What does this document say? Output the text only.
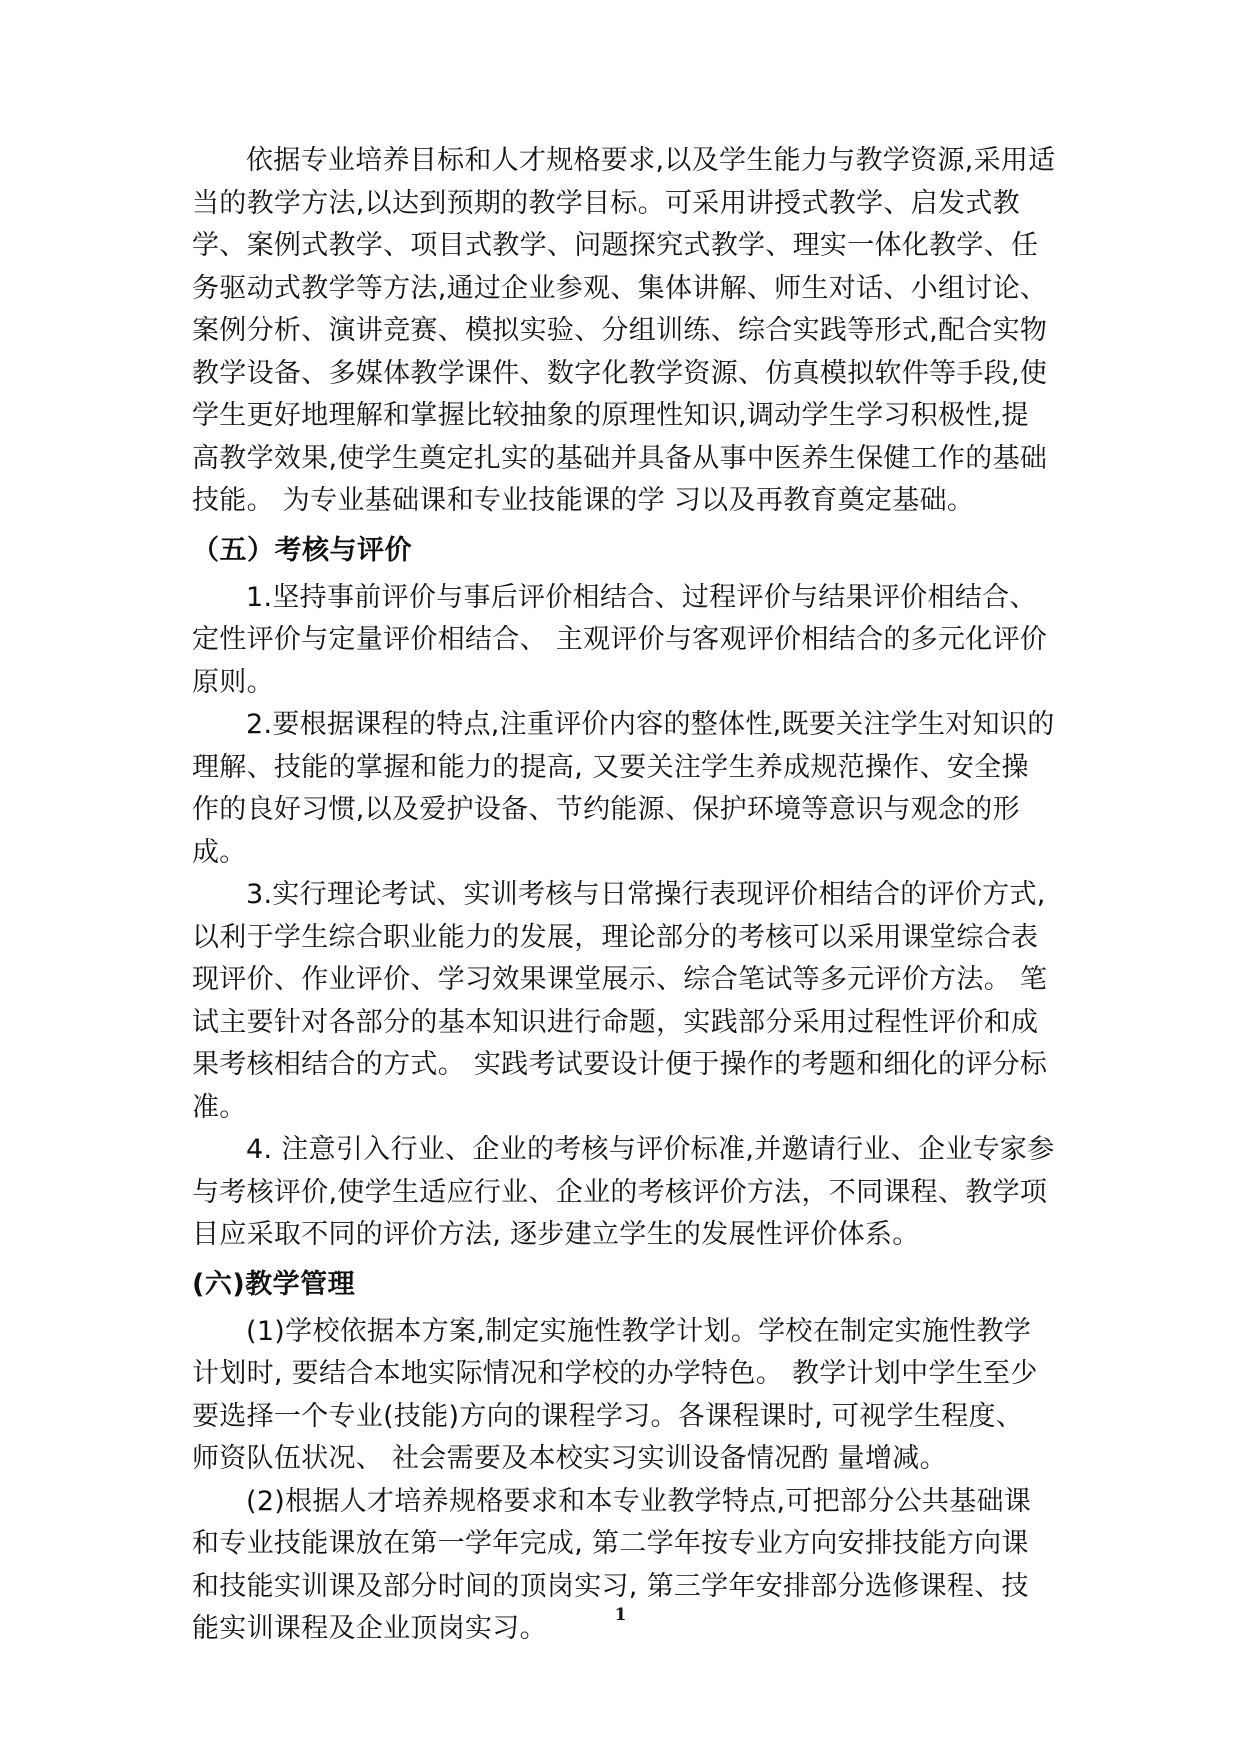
依据专业培养目标和人才规格要求,以及学生能力与教学资源,采用适当的教学方法,以达到预期的教学目标。可采用讲授式教学、启发式教学、案例式教学、项目式教学、问题探究式教学、理实一体化教学、任务驱动式教学等方法,通过企业参观、集体讲解、师生对话、小组讨论、案例分析、演讲竞赛、模拟实验、分组训练、综合实践等形式,配合实物教学设备、多媒体教学课件、数字化教学资源、仿真模拟软件等手段,使学生更好地理解和掌握比较抽象的原理性知识,调动学生学习积极性,提高教学效果,使学生奠定扎实的基础并具备从事中医养生保健工作的基础技能。 为专业基础课和专业技能课的学 习以及再教育奠定基础。

（五）考核与评价

1.坚持事前评价与事后评价相结合、过程评价与结果评价相结合、 定性评价与定量评价相结合、 主观评价与客观评价相结合的多元化评价原则。

2.要根据课程的特点,注重评价内容的整体性,既要关注学生对知识的理解、技能的掌握和能力的提高, 又要关注学生养成规范操作、安全操作的良好习惯,以及爱护设备、节约能源、保护环境等意识与观念的形成。

3.实行理论考试、实训考核与日常操行表现评价相结合的评价方式, 以利于学生综合职业能力的发展，理论部分的考核可以采用课堂综合表现评价、作业评价、学习效果课堂展示、综合笔试等多元评价方法。 笔试主要针对各部分的基本知识进行命题，实践部分采用过程性评价和成果考核相结合的方式。 实践考试要设计便于操作的考题和细化的评分标准。

4. 注意引入行业、企业的考核与评价标准,并邀请行业、企业专家参与考核评价,使学生适应行业、企业的考核评价方法，不同课程、教学项目应采取不同的评价方法, 逐步建立学生的发展性评价体系。

(六)教学管理

(1)学校依据本方案,制定实施性教学计划。学校在制定实施性教学计划时, 要结合本地实际情况和学校的办学特色。 教学计划中学生至少要选择一个专业(技能)方向的课程学习。各课程课时, 可视学生程度、 师资队伍状况、 社会需要及本校实习实训设备情况酌 量增减。

(2)根据人才培养规格要求和本专业教学特点,可把部分公共基础课和专业技能课放在第一学年完成, 第二学年按专业方向安排技能方向课和技能实训课及部分时间的顶岗实习, 第三学年安排部分选修课程、技能实训课程及企业顶岗实习。	1
